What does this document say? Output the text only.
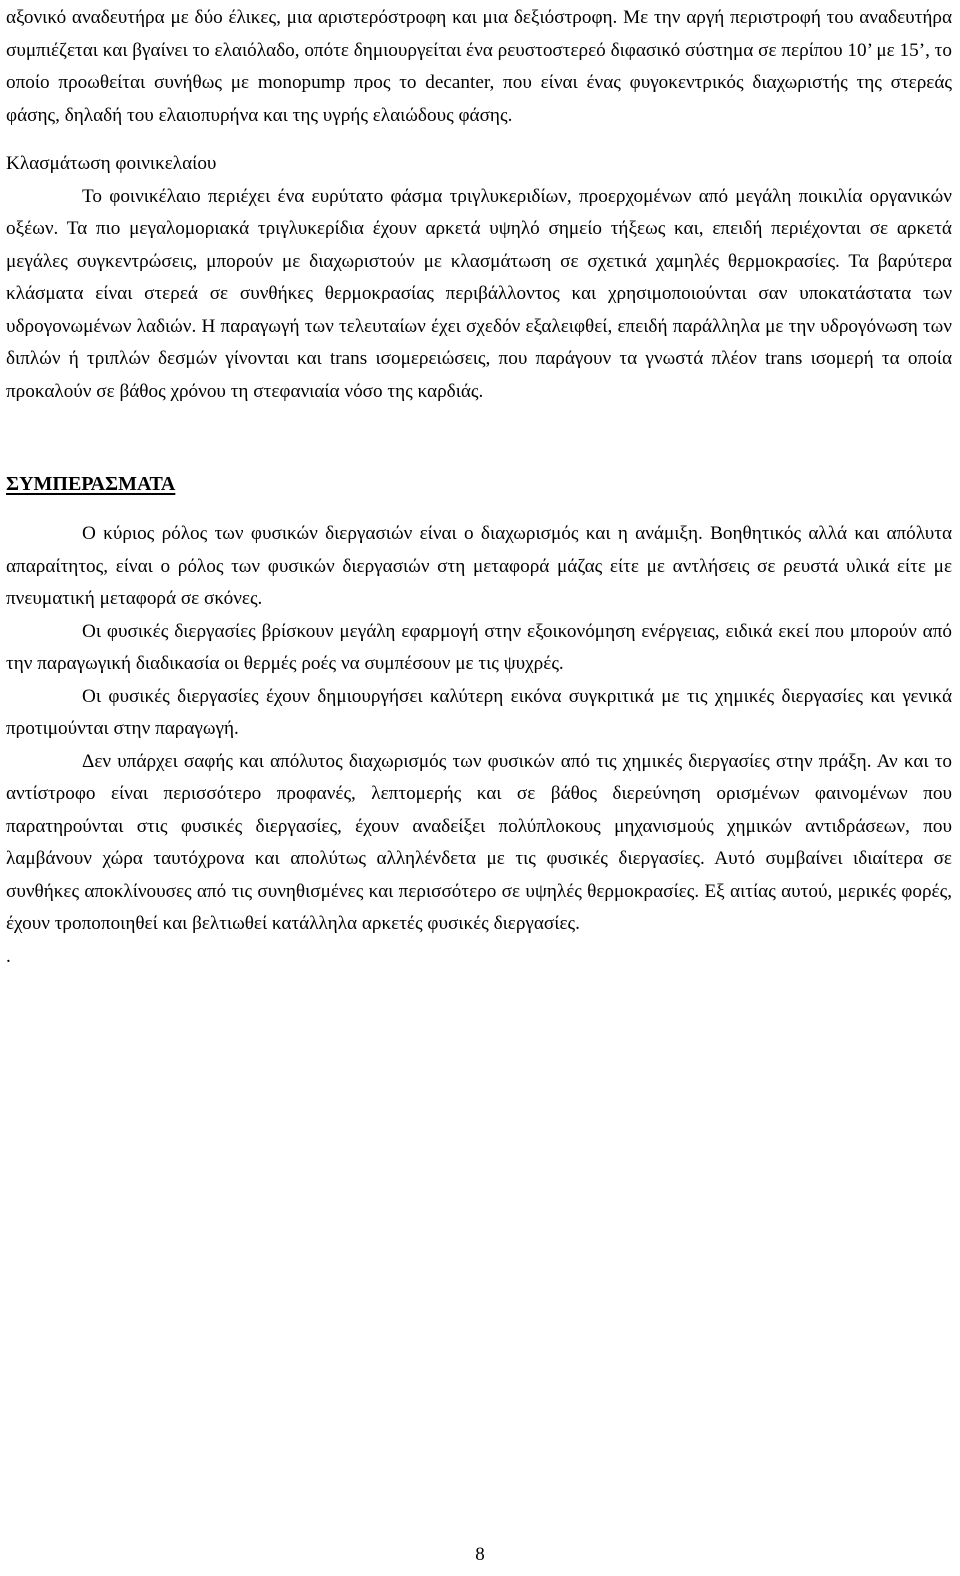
αξονικό αναδευτήρα με δύο έλικες, μια αριστερόστροφη και μια δεξιόστροφη. Με την αργή περιστροφή του αναδευτήρα συμπιέζεται και βγαίνει το ελαιόλαδο, οπότε δημιουργείται ένα ρευστοστερεό διφασικό σύστημα σε περίπου 10’ με 15’, το οποίο προωθείται συνήθως με monopump προς το decanter, που είναι ένας φυγοκεντρικός διαχωριστής της στερεάς φάσης, δηλαδή του ελαιοπυρήνα και της υγρής ελαιώδους φάσης.

Κλασμάτωση φοινικελαίου

Το φοινικέλαιο περιέχει ένα ευρύτατο φάσμα τριγλυκεριδίων, προερχομένων από μεγάλη ποικιλία οργανικών οξέων. Τα πιο μεγαλομοριακά τριγλυκερίδια έχουν αρκετά υψηλό σημείο τήξεως και, επειδή περιέχονται σε αρκετά μεγάλες συγκεντρώσεις, μπορούν με διαχωριστούν με κλασμάτωση σε σχετικά χαμηλές θερμοκρασίες. Τα βαρύτερα κλάσματα είναι στερεά σε συνθήκες θερμοκρασίας περιβάλλοντος και χρησιμοποιούνται σαν υποκατάστατα των υδρογονωμένων λαδιών. Η παραγωγή των τελευταίων έχει σχεδόν εξαλειφθεί, επειδή παράλληλα με την υδρογόνωση των διπλών ή τριπλών δεσμών γίνονται και trans ισομερειώσεις, που παράγουν τα γνωστά πλέον trans ισομερή τα οποία προκαλούν σε βάθος χρόνου τη στεφανιαία νόσο της καρδιάς.

ΣΥΜΠΕΡΑΣΜΑΤΑ

Ο κύριος ρόλος των φυσικών διεργασιών είναι ο διαχωρισμός και η ανάμιξη. Βοηθητικός αλλά και απόλυτα απαραίτητος, είναι ο ρόλος των φυσικών διεργασιών στη μεταφορά μάζας είτε με αντλήσεις σε ρευστά υλικά είτε με πνευματική μεταφορά σε σκόνες.

Οι φυσικές διεργασίες βρίσκουν μεγάλη εφαρμογή στην εξοικονόμηση ενέργειας, ειδικά εκεί που μπορούν από την παραγωγική διαδικασία οι θερμές ροές να συμπέσουν με τις ψυχρές.

Οι φυσικές διεργασίες έχουν δημιουργήσει καλύτερη εικόνα συγκριτικά με τις χημικές διεργασίες και γενικά προτιμούνται στην παραγωγή.

Δεν υπάρχει σαφής και απόλυτος διαχωρισμός των φυσικών από τις χημικές διεργασίες στην πράξη. Αν και το αντίστροφο είναι περισσότερο προφανές, λεπτομερής και σε βάθος διερεύνηση ορισμένων φαινομένων που παρατηρούνται στις φυσικές διεργασίες, έχουν αναδείξει πολύπλοκους μηχανισμούς χημικών αντιδράσεων, που λαμβάνουν χώρα ταυτόχρονα και απολύτως αλληλένδετα με τις φυσικές διεργασίες. Αυτό συμβαίνει ιδιαίτερα σε συνθήκες αποκλίνουσες από τις συνηθισμένες και περισσότερο σε υψηλές θερμοκρασίες. Εξ αιτίας αυτού, μερικές φορές, έχουν τροποποιηθεί και βελτιωθεί κατάλληλα αρκετές φυσικές διεργασίες.

.

8
